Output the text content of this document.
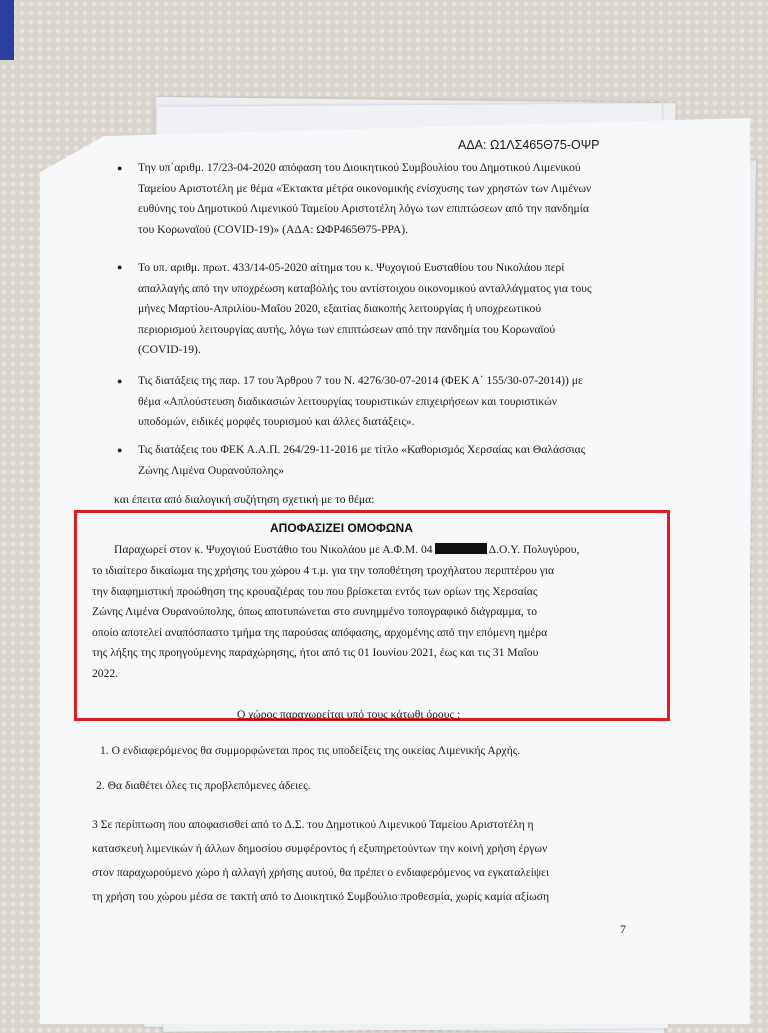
ΑΔΑ: Ω1ΛΣ465Θ75-ΟΨΡ
● Την υπ΄αριθμ. 17/23-04-2020 απόφαση του Διοικητικού Συμβουλίου του Δημοτικού Λιμενικού
Ταμείου Αριστοτέλη με θέμα «Έκτακτα μέτρα οικονομικής ενίσχυσης των χρηστών των Λιμένων
ευθύνης του Δημοτικού Λιμενικού Ταμείου Αριστοτέλη λόγω των επιπτώσεων από την πανδημία
του Κορωναϊού (COVID-19)» (ΑΔΑ: ΩΦΡ465Θ75-ΡΡΑ).
● Το υπ. αριθμ. πρωτ. 433/14-05-2020 αίτημα του κ. Ψυχογιού Ευσταθίου του Νικολάου περί
απαλλαγής από την υποχρέωση καταβολής του αντίστοιχου οικονομικού ανταλλάγματος για τους
μήνες Μαρτίου-Απριλίου-Μαΐου 2020, εξαιτίας διακοπής λειτουργίας ή υποχρεωτικού
περιορισμού λειτουργίας αυτής, λόγω των επιπτώσεων από την πανδημία του Κορωναϊού
(COVID-19).
● Τις διατάξεις της παρ. 17 του Άρθρου 7 του Ν. 4276/30-07-2014 (ΦΕΚ Α΄ 155/30-07-2014)) με
θέμα «Απλούστευση διαδικασιών λειτουργίας τουριστικών επιχειρήσεων και τουριστικών
υποδομών, ειδικές μορφές τουρισμού και άλλες διατάξεις».
● Τις διατάξεις του ΦΕΚ Α.Α.Π. 264/29-11-2016 με τίτλο «Καθορισμός Χερσαίας και Θαλάσσιας
Ζώνης Λιμένα Ουρανούπολης»
και έπειτα από διαλογική συζήτηση σχετική με το θέμα:
ΑΠΟΦΑΣΙΖΕΙ ΟΜΟΦΩΝΑ
Παραχωρεί στον κ. Ψυχογιού Ευστάθιο του Νικολάου με Α.Φ.Μ. 04	Δ.Ο.Υ. Πολυγύρου,
το ιδιαίτερο δικαίωμα της χρήσης του χώρου 4 τ.μ. για την τοποθέτηση τροχήλατου περιπτέρου για
την διαφημιστική προώθηση της κρουαζιέρας του που βρίσκεται εντός των ορίων της Χερσαίας
Ζώνης Λιμένα Ουρανούπολης, όπως αποτυπώνεται στο συνημμένο τοπογραφικό διάγραμμα, το
οποίο αποτελεί αναπόσπαστο τμήμα της παρούσας απόφασης, αρχομένης από την επόμενη ημέρα
της λήξης της προηγούμενης παραχώρησης, ήτοι από τις 01 Ιουνίου 2021, έως και τις 31 Μαΐου
2022.
Ο χώρος παραχωρείται υπό τους κάτωθι όρους :
1. Ο ενδιαφερόμενος θα συμμορφώνεται προς τις υποδείξεις της οικείας Λιμενικής Αρχής.
2. Θα διαθέτει όλες τις προβλεπόμενες άδειες.
3 Σε περίπτωση που αποφασισθεί από το Δ.Σ. του Δημοτικού Λιμενικού Ταμείου Αριστοτέλη η
κατασκευή λιμενικών ή άλλων δημοσίου συμφέροντος ή εξυπηρετούντων την κοινή χρήση έργων
στον παραχωρούμενο χώρο ή αλλαγή χρήσης αυτού, θα πρέπει ο ενδιαφερόμενος να εγκαταλείψει
τη χρήση του χώρου μέσα σε τακτή από το Διοικητικό Συμβούλιο προθεσμία, χωρίς καμία αξίωση
7
